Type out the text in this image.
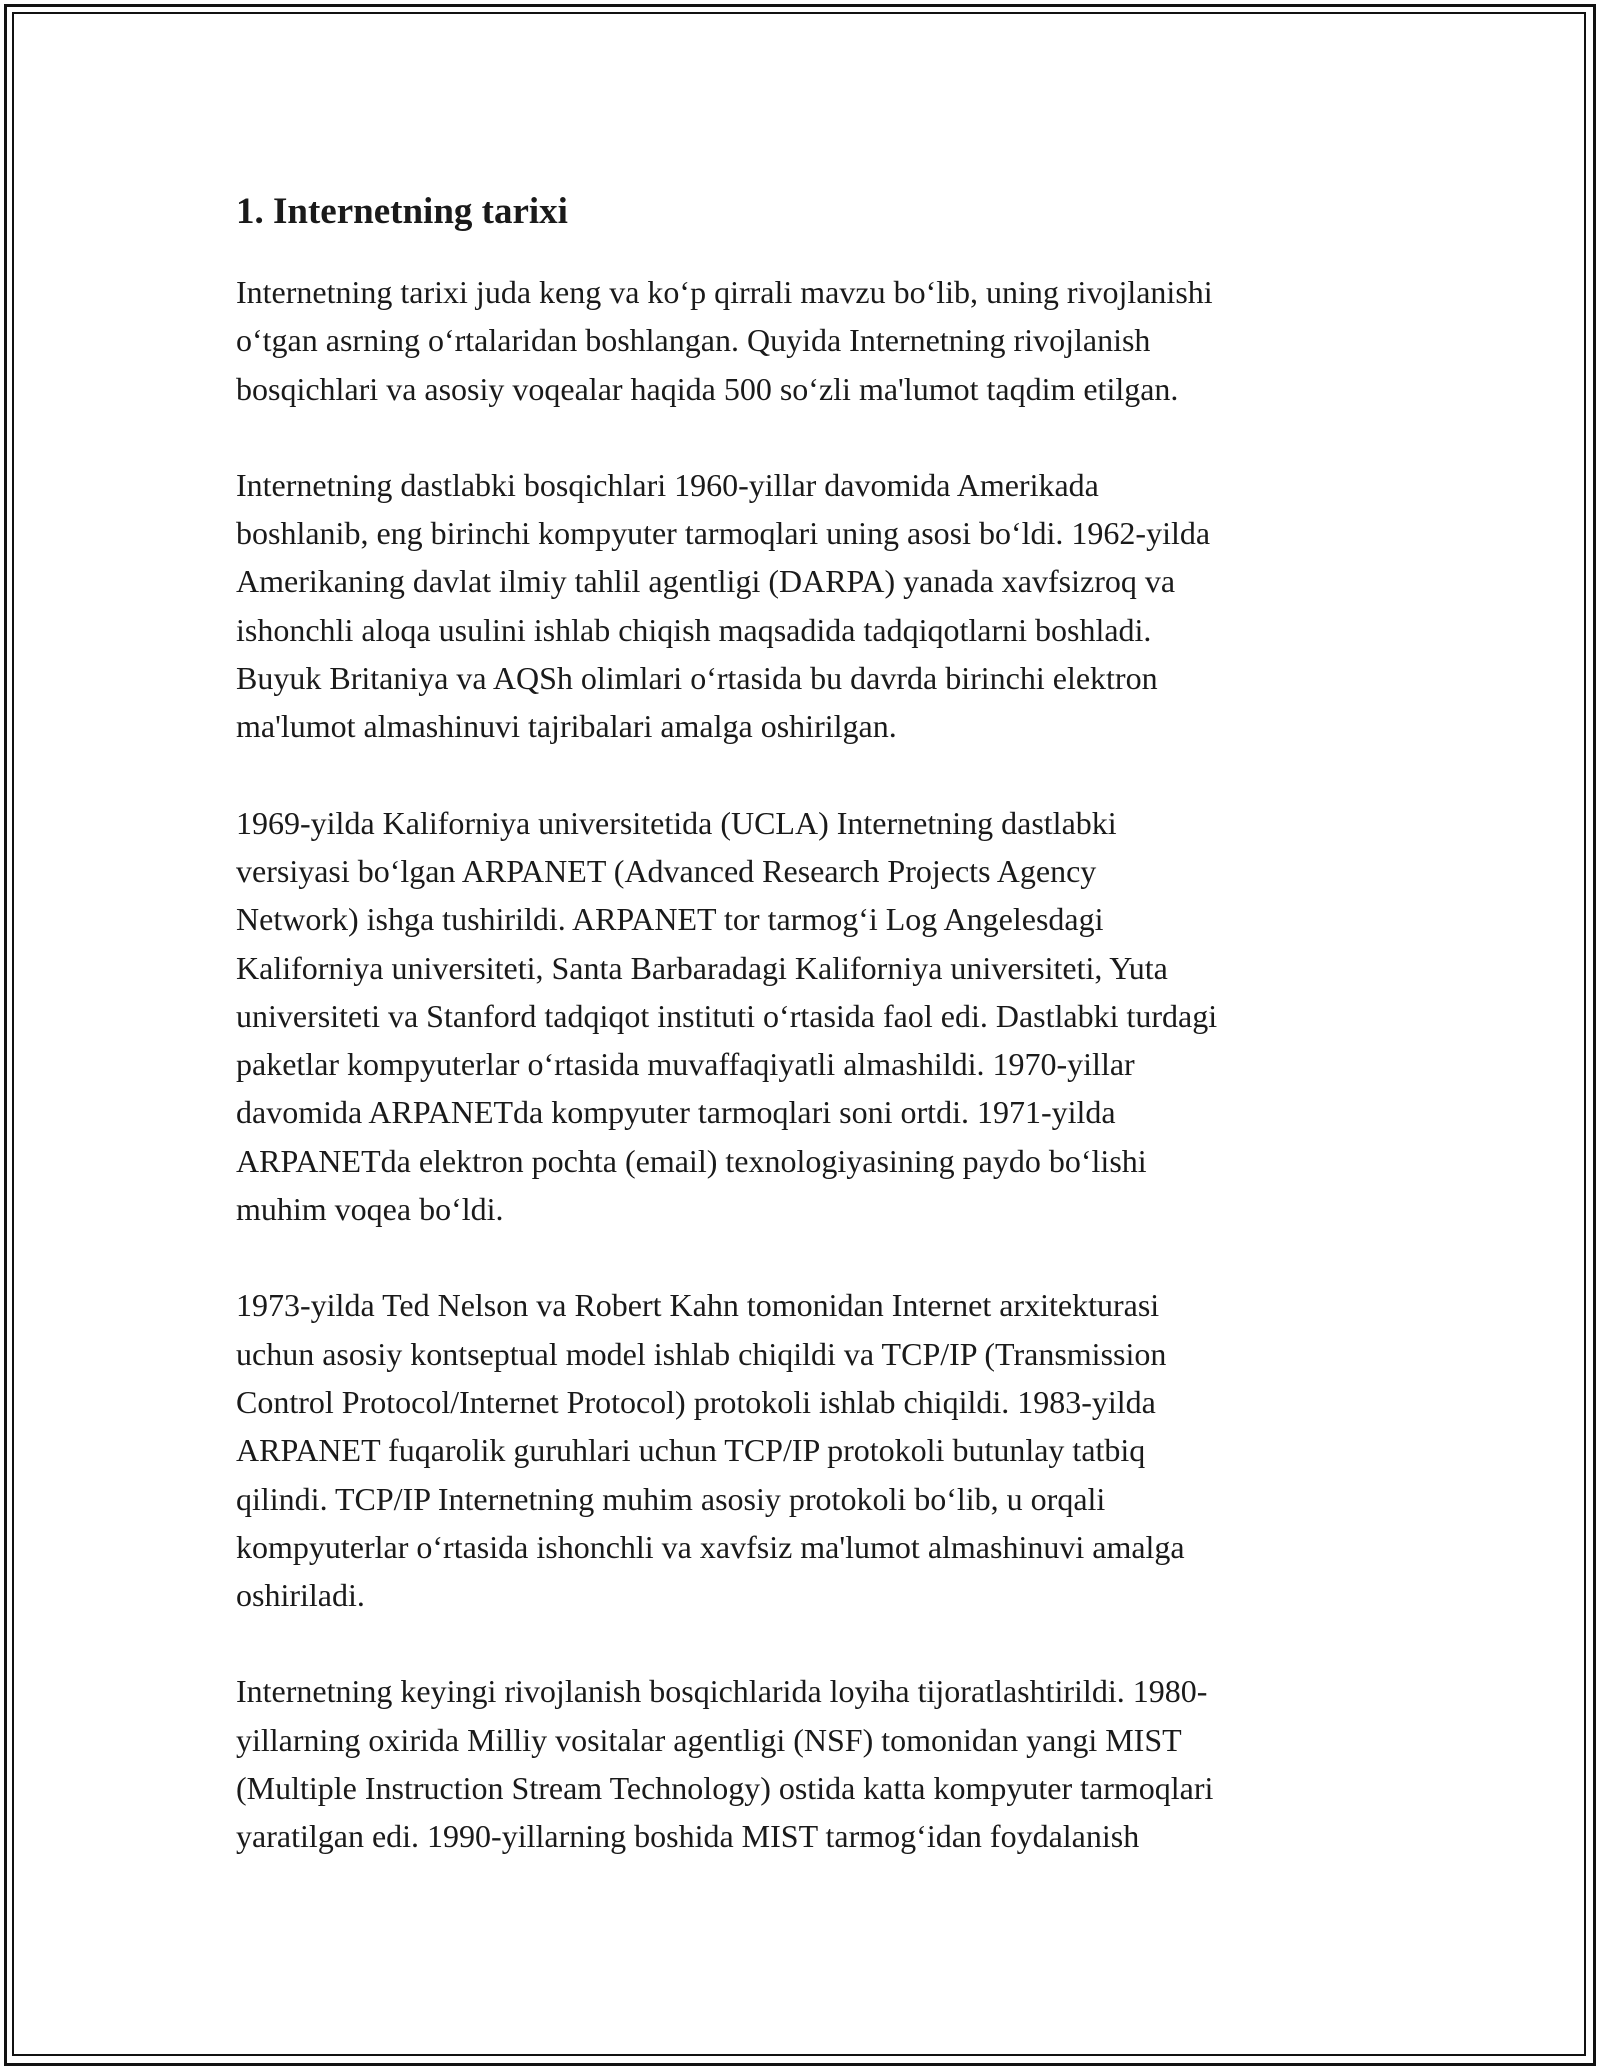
1. Internetning tarixi

Internetning tarixi juda keng va ko‘p qirrali mavzu bo‘lib, uning rivojlanishi
o‘tgan asrning o‘rtalaridan boshlangan. Quyida Internetning rivojlanish
bosqichlari va asosiy voqealar haqida 500 so‘zli ma'lumot taqdim etilgan.

Internetning dastlabki bosqichlari 1960-yillar davomida Amerikada
boshlanib, eng birinchi kompyuter tarmoqlari uning asosi bo‘ldi. 1962-yilda
Amerikaning davlat ilmiy tahlil agentligi (DARPA) yanada xavfsizroq va
ishonchli aloqa usulini ishlab chiqish maqsadida tadqiqotlarni boshladi.
Buyuk Britaniya va AQSh olimlari o‘rtasida bu davrda birinchi elektron
ma'lumot almashinuvi tajribalari amalga oshirilgan.

1969-yilda Kaliforniya universitetida (UCLA) Internetning dastlabki
versiyasi bo‘lgan ARPANET (Advanced Research Projects Agency
Network) ishga tushirildi. ARPANET tor tarmog‘i Log Angelesdagi
Kaliforniya universiteti, Santa Barbaradagi Kaliforniya universiteti, Yuta
universiteti va Stanford tadqiqot instituti o‘rtasida faol edi. Dastlabki turdagi
paketlar kompyuterlar o‘rtasida muvaffaqiyatli almashildi. 1970-yillar
davomida ARPANETda kompyuter tarmoqlari soni ortdi. 1971-yilda
ARPANETda elektron pochta (email) texnologiyasining paydo bo‘lishi
muhim voqea bo‘ldi.

1973-yilda Ted Nelson va Robert Kahn tomonidan Internet arxitekturasi
uchun asosiy kontseptual model ishlab chiqildi va TCP/IP (Transmission
Control Protocol/Internet Protocol) protokoli ishlab chiqildi. 1983-yilda
ARPANET fuqarolik guruhlari uchun TCP/IP protokoli butunlay tatbiq
qilindi. TCP/IP Internetning muhim asosiy protokoli bo‘lib, u orqali
kompyuterlar o‘rtasida ishonchli va xavfsiz ma'lumot almashinuvi amalga
oshiriladi.

Internetning keyingi rivojlanish bosqichlarida loyiha tijoratlashtirildi. 1980-
yillarning oxirida Milliy vositalar agentligi (NSF) tomonidan yangi MIST
(Multiple Instruction Stream Technology) ostida katta kompyuter tarmoqlari
yaratilgan edi. 1990-yillarning boshida MIST tarmog‘idan foydalanish
